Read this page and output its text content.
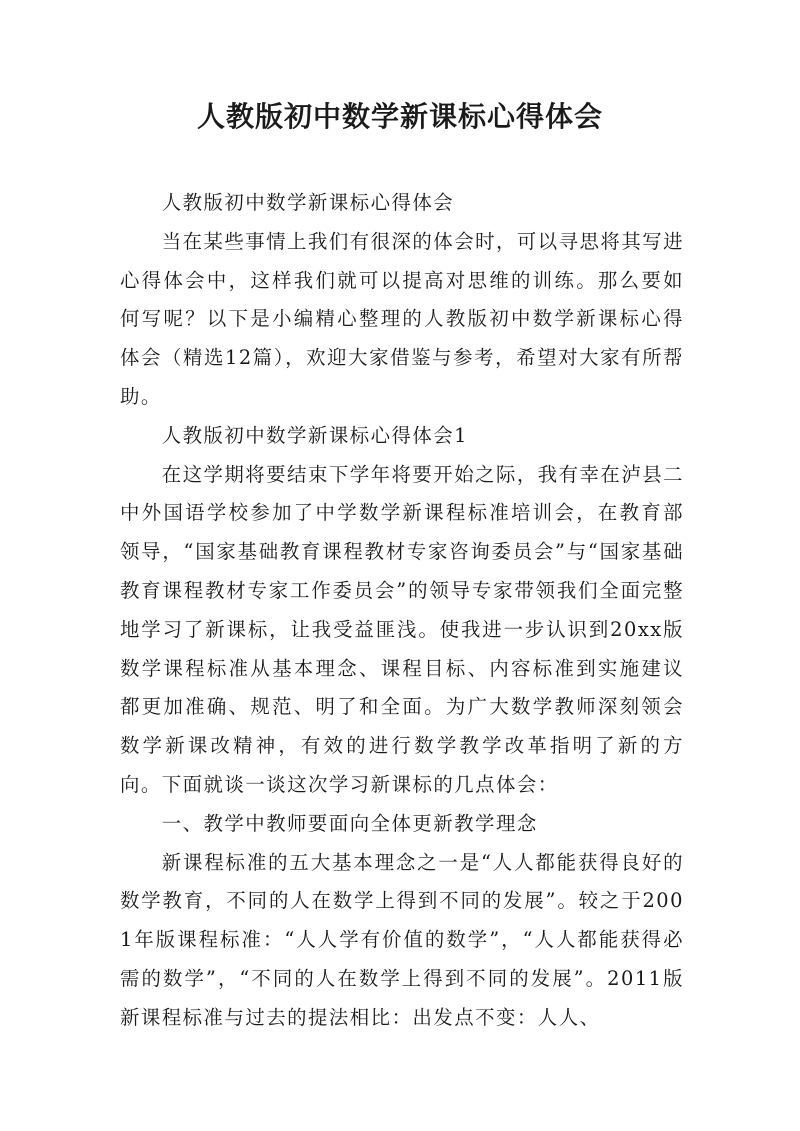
人教版初中数学新课标心得体会

人教版初中数学新课标心得体会

当在某些事情上我们有很深的体会时，可以寻思将其写进心得体会中，这样我们就可以提高对思维的训练。那么要如何写呢？以下是小编精心整理的人教版初中数学新课标心得体会（精选12篇），欢迎大家借鉴与参考，希望对大家有所帮助。

人教版初中数学新课标心得体会1

在这学期将要结束下学年将要开始之际，我有幸在泸县二中外国语学校参加了中学数学新课程标准培训会，在教育部领导，“国家基础教育课程教材专家咨询委员会”与“国家基础教育课程教材专家工作委员会”的领导专家带领我们全面完整地学习了新课标，让我受益匪浅。使我进一步认识到20xx版数学课程标准从基本理念、课程目标、内容标准到实施建议都更加准确、规范、明了和全面。为广大数学教师深刻领会数学新课改精神，有效的进行数学教学改革指明了新的方向。下面就谈一谈这次学习新课标的几点体会：

一、教学中教师要面向全体更新教学理念

新课程标准的五大基本理念之一是“人人都能获得良好的数学教育，不同的人在数学上得到不同的发展”。较之于2001年版课程标准：“人人学有价值的数学”，“人人都能获得必需的数学”，“不同的人在数学上得到不同的发展”。2011版新课程标准与过去的提法相比：出发点不变：人人、
